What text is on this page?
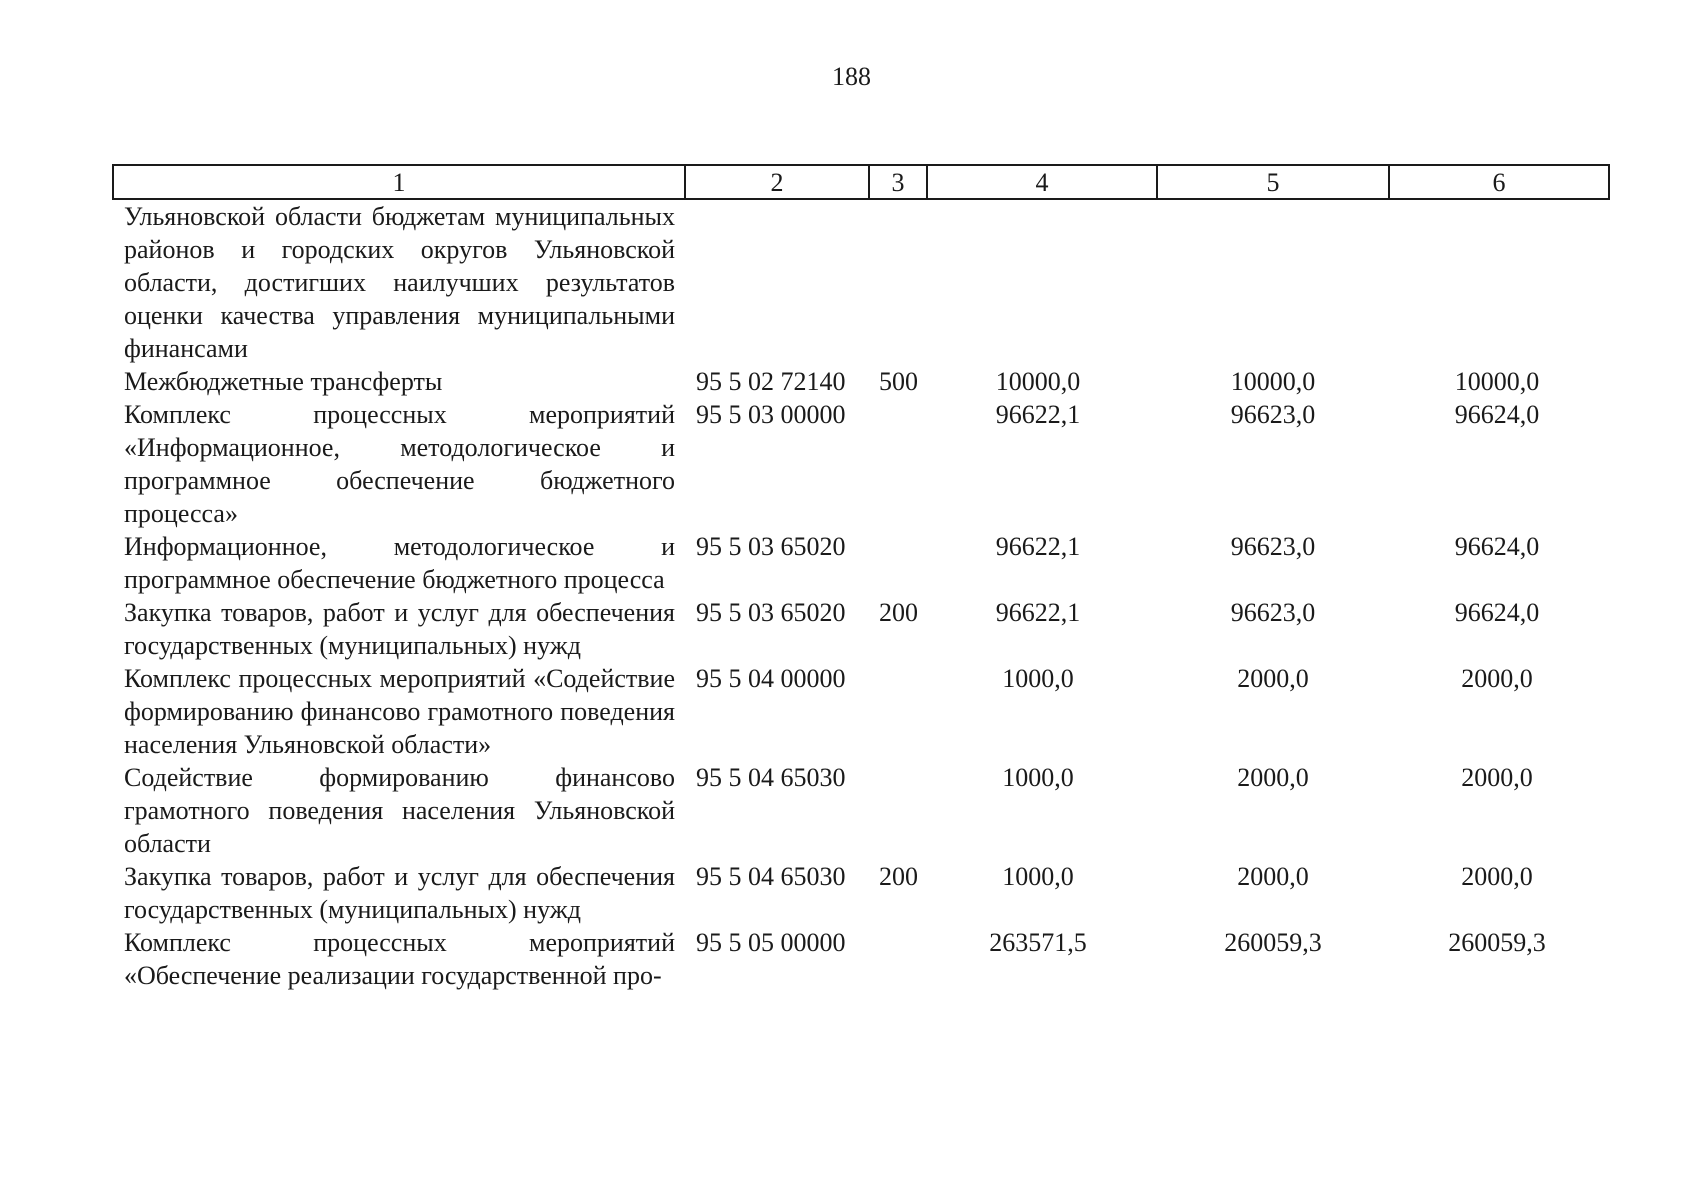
188
1	2	3	4	5	6
Ульяновской области бюджетам муниципальных районов и городских округов Ульяновской области, достигших наилучших результатов оценки качества управления муниципальными финансами					
Межбюджетные трансферты	95 5 02 72140	500	10000,0	10000,0	10000,0
Комплекс процессных мероприятий «Информационное, методологическое и программное обеспечение бюджетного процесса»	95 5 03 00000		96622,1	96623,0	96624,0
Информационное, методологическое и программное обеспечение бюджетного процесса	95 5 03 65020		96622,1	96623,0	96624,0
Закупка товаров, работ и услуг для обеспечения государственных (муниципальных) нужд	95 5 03 65020	200	96622,1	96623,0	96624,0
Комплекс процессных мероприятий «Содействие формированию финансово грамотного поведения населения Ульяновской области»	95 5 04 00000		1000,0	2000,0	2000,0
Содействие формированию финансово грамотного поведения населения Ульяновской области	95 5 04 65030		1000,0	2000,0	2000,0
Закупка товаров, работ и услуг для обеспечения государственных (муниципальных) нужд	95 5 04 65030	200	1000,0	2000,0	2000,0
Комплекс процессных мероприятий «Обеспечение реализации государственной про-	95 5 05 00000		263571,5	260059,3	260059,3
